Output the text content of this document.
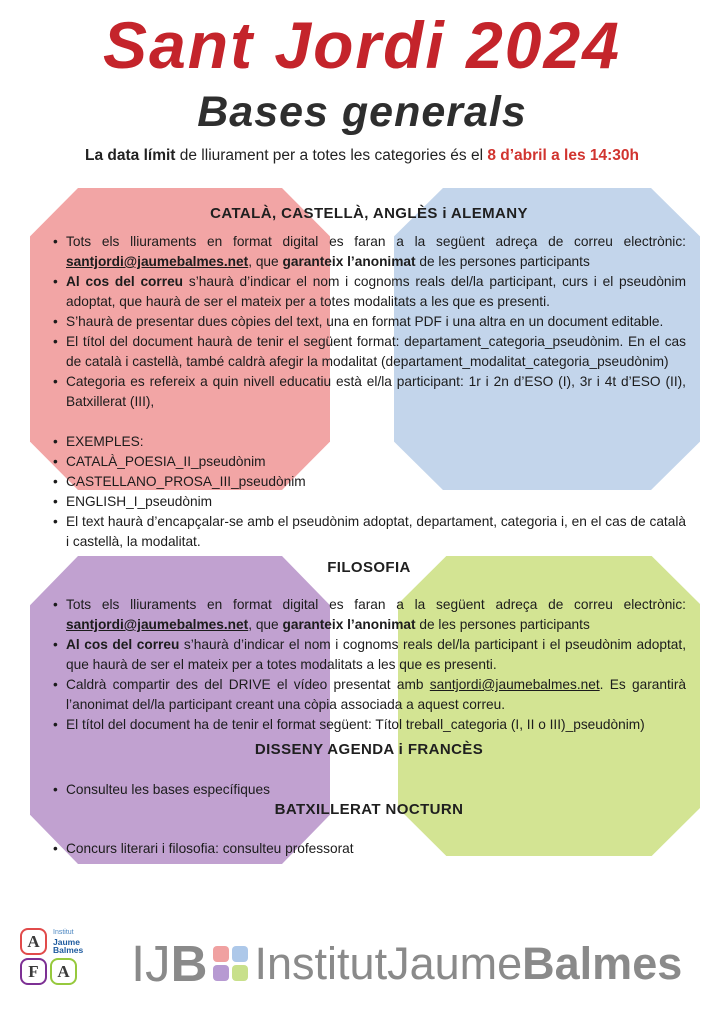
Sant Jordi 2024
Bases generals
La data límit de lliurament per a totes les categories és el 8 d’abril a les 14:30h
CATALÀ, CASTELLÀ, ANGLÈS i ALEMANY
• Tots els lliuraments en format digital es faran a la següent adreça de correu electrònic: santjordi@jaumebalmes.net, que garanteix l’anonimat de les persones participants
• Al cos del correu s’haurà d’indicar el nom i cognoms reals del/la participant, curs i el pseudònim adoptat, que haurà de ser el mateix per a totes modalitats a les que es presenti.
• S’haurà de presentar dues còpies del text, una en format PDF i una altra en un document editable.
• El títol del document haurà de tenir el següent format: departament_categoria_pseudònim. En el cas de català i castellà, també caldrà afegir la modalitat (departament_modalitat_categoria_pseudònim)
• Categoria es refereix a quin nivell educatiu està el/la participant: 1r i 2n d’ESO (I), 3r i 4t d’ESO (II), Batxillerat (III),
• EXEMPLES:
• CATALÀ_POESIA_II_pseudònim
• CASTELLANO_PROSA_III_pseudònim
• ENGLISH_I_pseudònim
• El text haurà d’encapçalar-se amb el pseudònim adoptat, departament, categoria i, en el cas de català i castellà, la modalitat.
FILOSOFIA
• Tots els lliuraments en format digital es faran a la següent adreça de correu electrònic: santjordi@jaumebalmes.net, que garanteix l’anonimat de les persones participants
• Al cos del correu s’haurà d’indicar el nom i cognoms reals del/la participant i el pseudònim adoptat, que haurà de ser el mateix per a totes modalitats a les que es presenti.
• Caldrà compartir des del DRIVE el vídeo presentat amb santjordi@jaumebalmes.net. Es garantirà l’anonimat del/la participant creant una còpia associada a aquest correu.
• El títol del document ha de tenir el format següent: Títol treball_categoria (I, II o III)_pseudònim)
DISSENY AGENDA i FRANCÈS
• Consulteu les bases específiques
BATXILLERAT NOCTURN
• Concurs literari i filosofia: consulteu professorat
A
F	A
Institut
Jaume
Balmes IJB InstitutJaumeBalmes
